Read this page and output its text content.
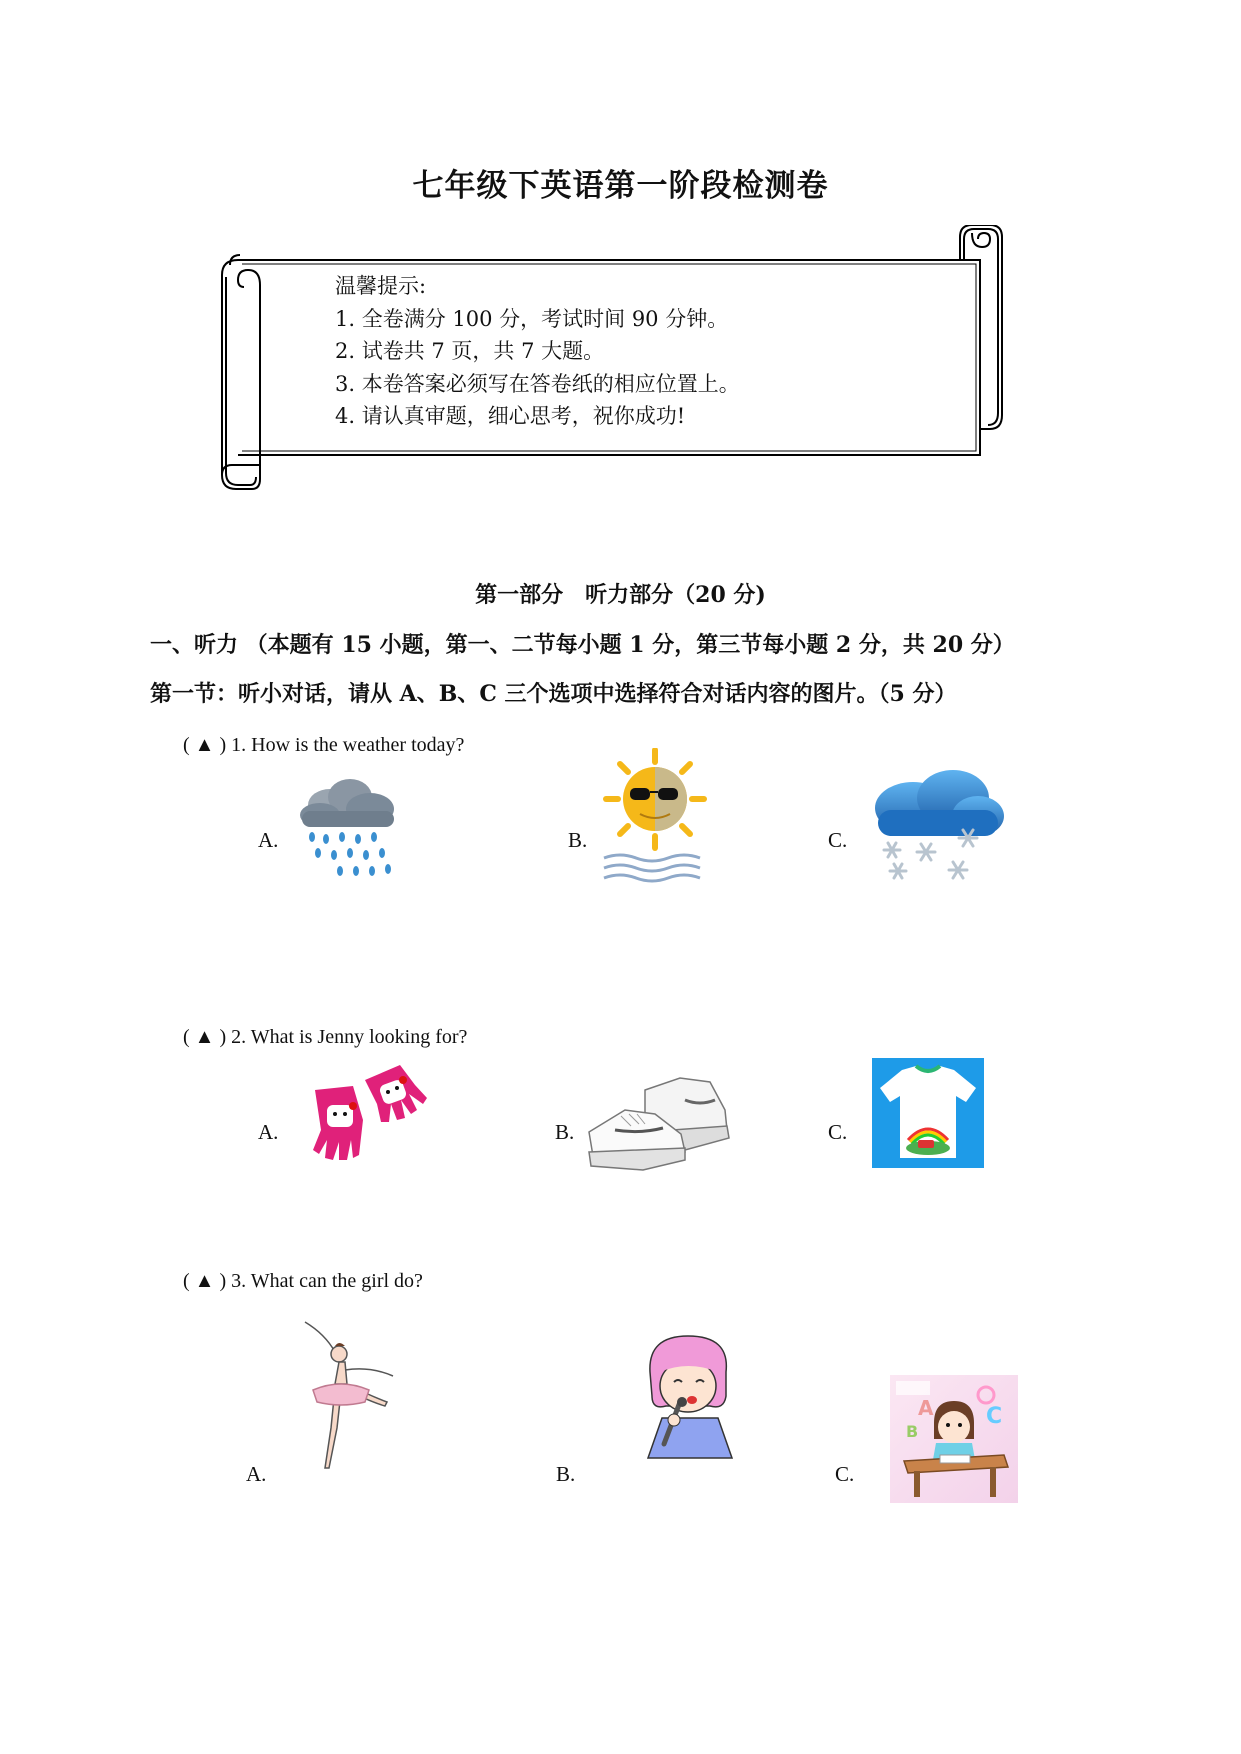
七年级下英语第一阶段检测卷
温馨提示:
1. 全卷满分 100 分，考试时间 90 分钟。
2. 试卷共 7 页，共 7 大题。
3. 本卷答案必须写在答卷纸的相应位置上。
4. 请认真审题，细心思考，祝你成功!
第一部分　听力部分（20 分)
一、听力 （本题有 15 小题，第一、二节每小题 1 分，第三节每小题 2 分，共 20 分）
第一节：听小对话，请从 A、B、C 三个选项中选择符合对话内容的图片。（5 分）
( ▲ ) 1. How is the weather today?
A.	B.	C.
( ▲ ) 2. What is Jenny looking for?
A.	B.	C.
( ▲ ) 3. What can the girl do?
A.	B.	C.
A
B
C
